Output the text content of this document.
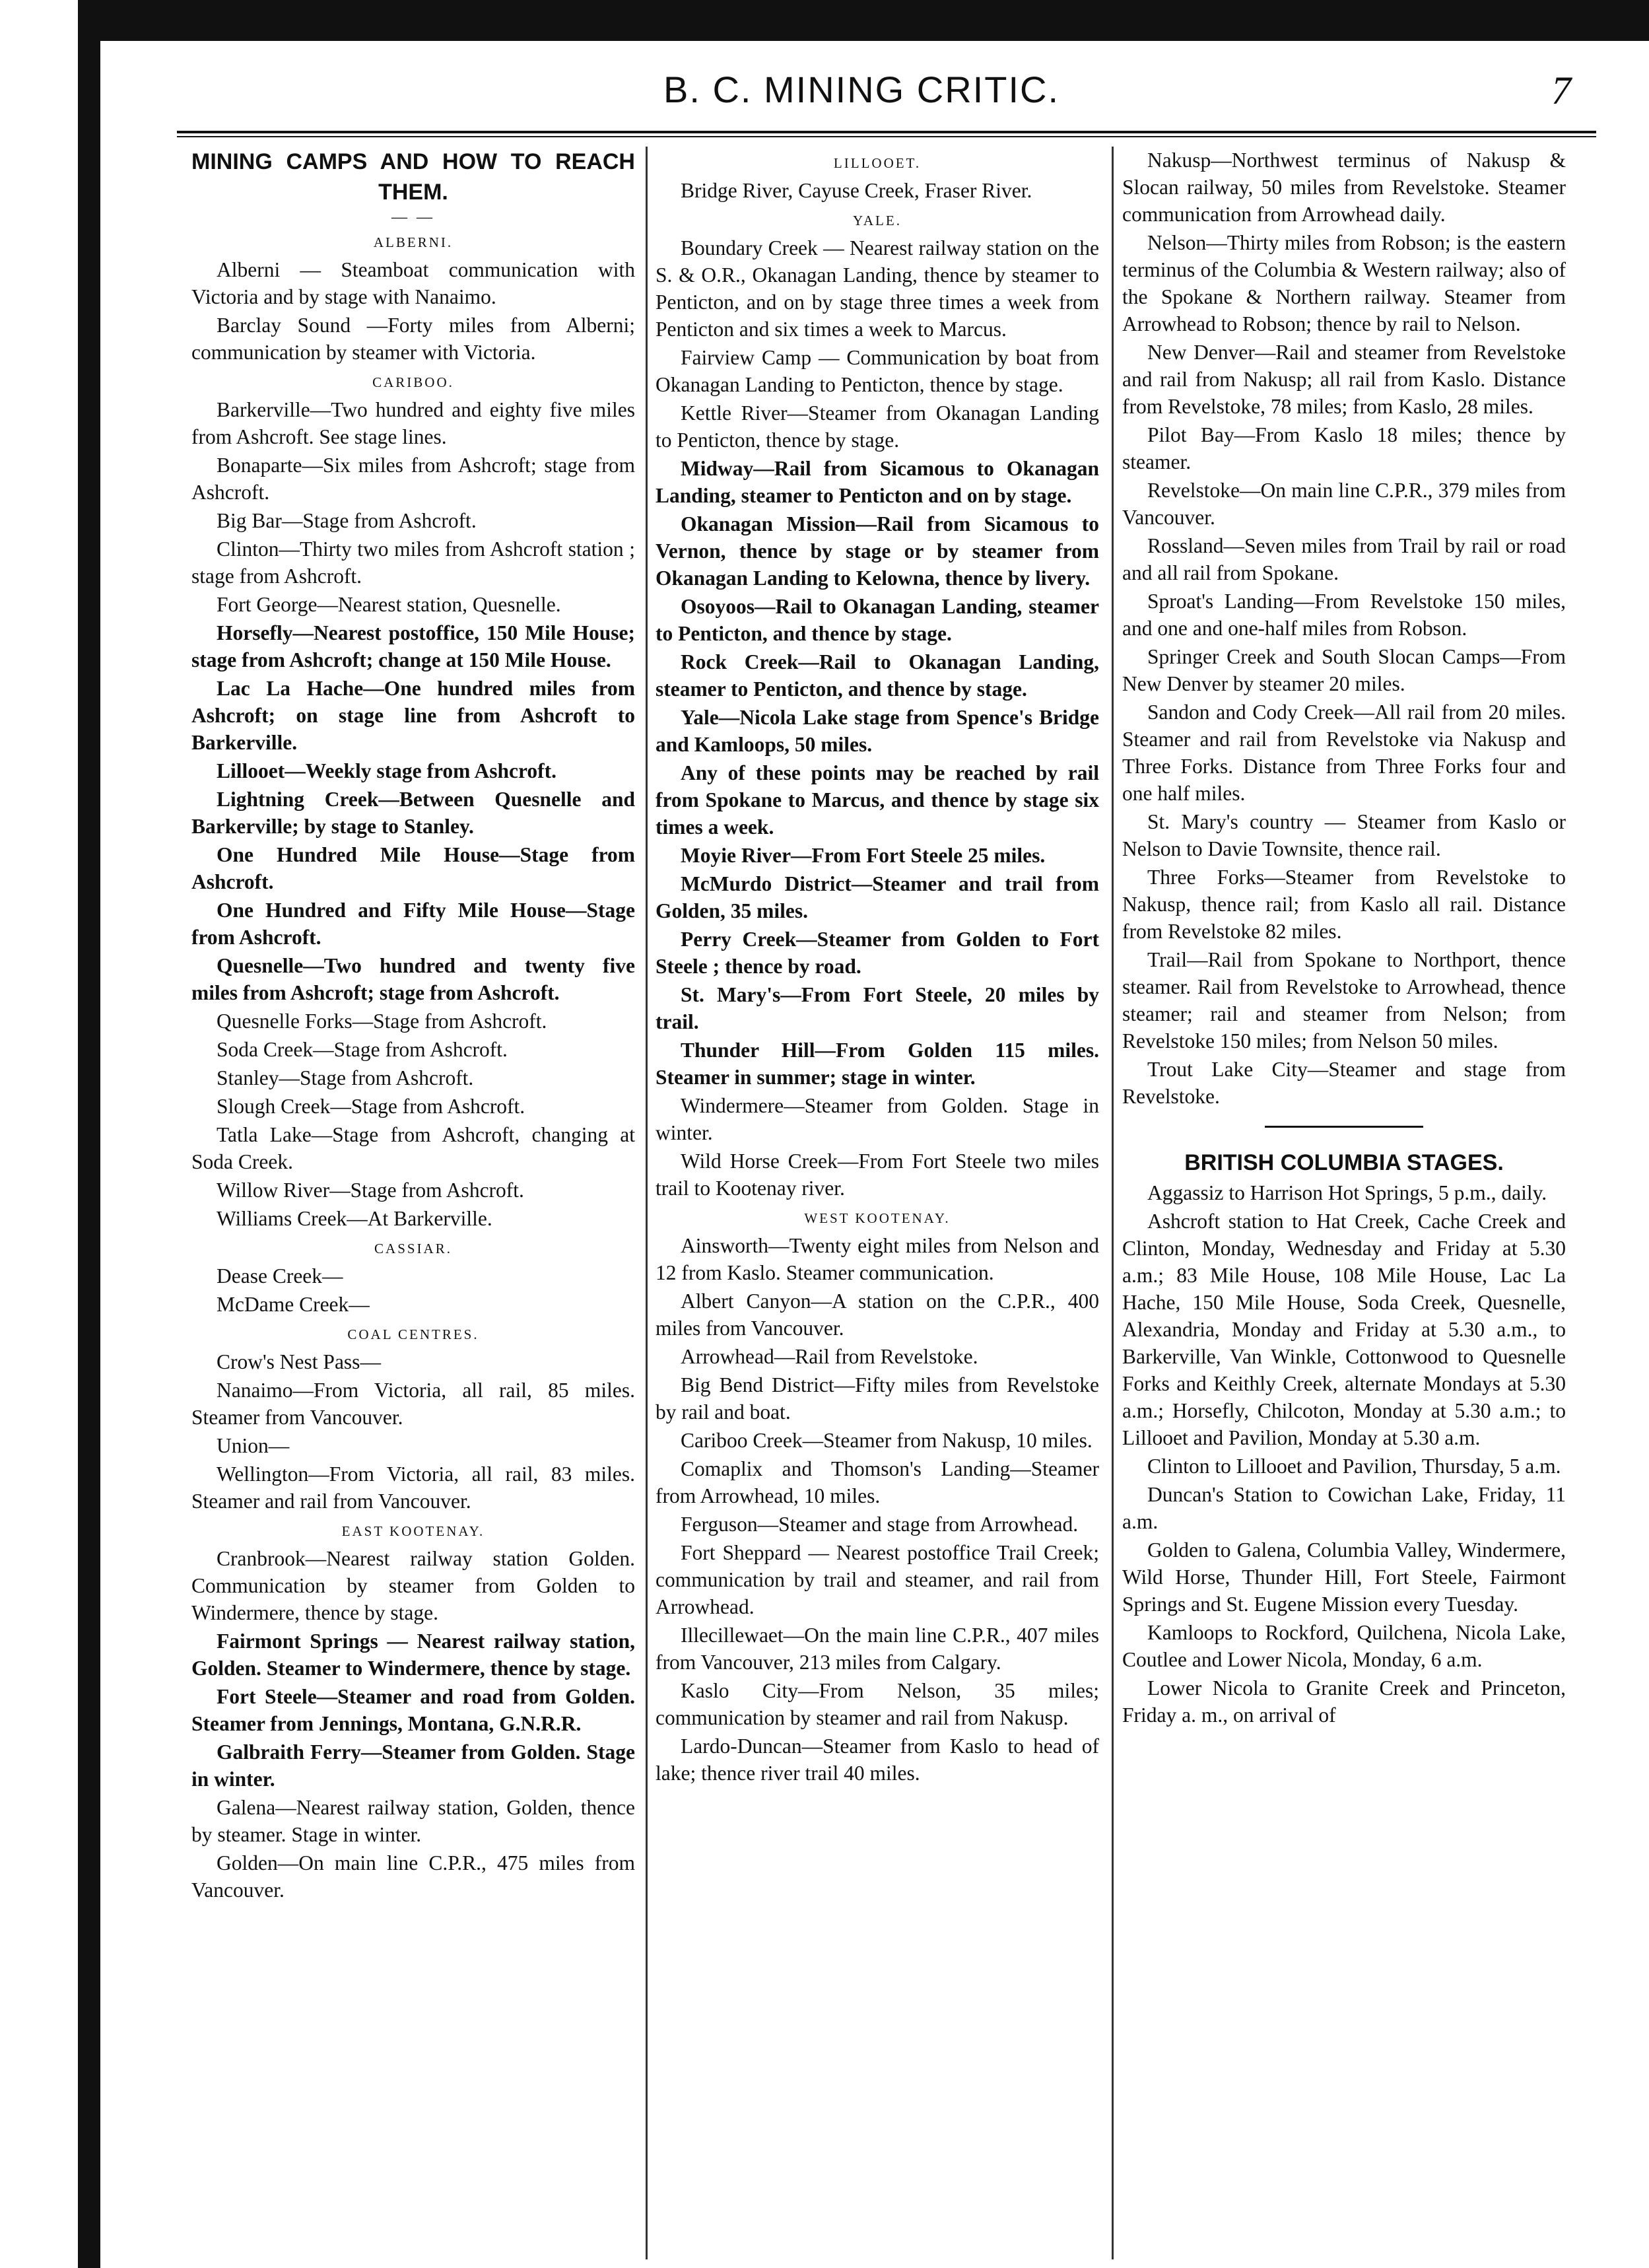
B. C. MINING CRITIC.	7
MINING CAMPS AND HOW TO REACH THEM.
— —
ALBERNI.

Alberni — Steamboat communication with Victoria and by stage with Nanaimo.

Barclay Sound —Forty miles from Alberni; communication by steamer with Victoria.

CARIBOO.

Barkerville—Two hundred and eighty five miles from Ashcroft. See stage lines.

Bonaparte—Six miles from Ashcroft; stage from Ashcroft.

Big Bar—Stage from Ashcroft.

Clinton—Thirty two miles from Ashcroft station ; stage from Ashcroft.

Fort George—Nearest station, Quesnelle.

Horsefly—Nearest postoffice, 150 Mile House; stage from Ashcroft; change at 150 Mile House.

Lac La Hache—One hundred miles from Ashcroft; on stage line from Ashcroft to Barkerville.

Lillooet—Weekly stage from Ashcroft.

Lightning Creek—Between Quesnelle and Barkerville; by stage to Stanley.

One Hundred Mile House—Stage from Ashcroft.

One Hundred and Fifty Mile House—Stage from Ashcroft.

Quesnelle—Two hundred and twenty five miles from Ashcroft; stage from Ashcroft.

Quesnelle Forks—Stage from Ashcroft.

Soda Creek—Stage from Ashcroft.

Stanley—Stage from Ashcroft.

Slough Creek—Stage from Ashcroft.

Tatla Lake—Stage from Ashcroft, changing at Soda Creek.

Willow River—Stage from Ashcroft.

Williams Creek—At Barkerville.

CASSIAR.

Dease Creek—

McDame Creek—

COAL CENTRES.

Crow's Nest Pass—

Nanaimo—From Victoria, all rail, 85 miles. Steamer from Vancouver.

Union—

Wellington—From Victoria, all rail, 83 miles. Steamer and rail from Vancouver.

EAST KOOTENAY.

Cranbrook—Nearest railway station Golden. Communication by steamer from Golden to Windermere, thence by stage.

Fairmont Springs — Nearest railway station, Golden. Steamer to Windermere, thence by stage.

Fort Steele—Steamer and road from Golden. Steamer from Jennings, Montana, G.N.R.R.

Galbraith Ferry—Steamer from Golden. Stage in winter.

Galena—Nearest railway station, Golden, thence by steamer. Stage in winter.

Golden—On main line C.P.R., 475 miles from Vancouver.

LILLOOET.

Bridge River, Cayuse Creek, Fraser River.

YALE.

Boundary Creek — Nearest railway station on the S. & O.R., Okanagan Landing, thence by steamer to Penticton, and on by stage three times a week from Penticton and six times a week to Marcus.

Fairview Camp — Communication by boat from Okanagan Landing to Penticton, thence by stage.

Kettle River—Steamer from Okanagan Landing to Penticton, thence by stage.

Midway—Rail from Sicamous to Okanagan Landing, steamer to Penticton and on by stage.

Okanagan Mission—Rail from Sicamous to Vernon, thence by stage or by steamer from Okanagan Landing to Kelowna, thence by livery.

Osoyoos—Rail to Okanagan Landing, steamer to Penticton, and thence by stage.

Rock Creek—Rail to Okanagan Landing, steamer to Penticton, and thence by stage.

Yale—Nicola Lake stage from Spence's Bridge and Kamloops, 50 miles.

Any of these points may be reached by rail from Spokane to Marcus, and thence by stage six times a week.

Moyie River—From Fort Steele 25 miles.

McMurdo District—Steamer and trail from Golden, 35 miles.

Perry Creek—Steamer from Golden to Fort Steele ; thence by road.

St. Mary's—From Fort Steele, 20 miles by trail.

Thunder Hill—From Golden 115 miles. Steamer in summer; stage in winter.

Windermere—Steamer from Golden. Stage in winter.

Wild Horse Creek—From Fort Steele two miles trail to Kootenay river.

WEST KOOTENAY.

Ainsworth—Twenty eight miles from Nelson and 12 from Kaslo. Steamer communication.

Albert Canyon—A station on the C.P.R., 400 miles from Vancouver.

Arrowhead—Rail from Revelstoke.

Big Bend District—Fifty miles from Revelstoke by rail and boat.

Cariboo Creek—Steamer from Nakusp, 10 miles.

Comaplix and Thomson's Landing—Steamer from Arrowhead, 10 miles.

Ferguson—Steamer and stage from Arrowhead.

Fort Sheppard — Nearest postoffice Trail Creek; communication by trail and steamer, and rail from Arrowhead.

Illecillewaet—On the main line C.P.R., 407 miles from Vancouver, 213 miles from Calgary.

Kaslo City—From Nelson, 35 miles; communication by steamer and rail from Nakusp.

Lardo-Duncan—Steamer from Kaslo to head of lake; thence river trail 40 miles.

Nakusp—Northwest terminus of Nakusp & Slocan railway, 50 miles from Revelstoke. Steamer communication from Arrowhead daily.

Nelson—Thirty miles from Robson; is the eastern terminus of the Columbia & Western railway; also of the Spokane & Northern railway. Steamer from Arrowhead to Robson; thence by rail to Nelson.

New Denver—Rail and steamer from Revelstoke and rail from Nakusp; all rail from Kaslo. Distance from Revelstoke, 78 miles; from Kaslo, 28 miles.

Pilot Bay—From Kaslo 18 miles; thence by steamer.

Revelstoke—On main line C.P.R., 379 miles from Vancouver.

Rossland—Seven miles from Trail by rail or road and all rail from Spokane.

Sproat's Landing—From Revelstoke 150 miles, and one and one-half miles from Robson.

Springer Creek and South Slocan Camps—From New Denver by steamer 20 miles.

Sandon and Cody Creek—All rail from 20 miles. Steamer and rail from Revelstoke via Nakusp and Three Forks. Distance from Three Forks four and one half miles.

St. Mary's country — Steamer from Kaslo or Nelson to Davie Townsite, thence rail.

Three Forks—Steamer from Revelstoke to Nakusp, thence rail; from Kaslo all rail. Distance from Revelstoke 82 miles.

Trail—Rail from Spokane to Northport, thence steamer. Rail from Revelstoke to Arrowhead, thence steamer; rail and steamer from Nelson; from Revelstoke 150 miles; from Nelson 50 miles.

Trout Lake City—Steamer and stage from Revelstoke.

BRITISH COLUMBIA STAGES.

Aggassiz to Harrison Hot Springs, 5 p.m., daily.

Ashcroft station to Hat Creek, Cache Creek and Clinton, Monday, Wednesday and Friday at 5.30 a.m.; 83 Mile House, 108 Mile House, Lac La Hache, 150 Mile House, Soda Creek, Quesnelle, Alexandria, Monday and Friday at 5.30 a.m., to Barkerville, Van Winkle, Cottonwood to Quesnelle Forks and Keithly Creek, alternate Mondays at 5.30 a.m.; Horsefly, Chilcoton, Monday at 5.30 a.m.; to Lillooet and Pavilion, Monday at 5.30 a.m.

Clinton to Lillooet and Pavilion, Thursday, 5 a.m.

Duncan's Station to Cowichan Lake, Friday, 11 a.m.

Golden to Galena, Columbia Valley, Windermere, Wild Horse, Thunder Hill, Fort Steele, Fairmont Springs and St. Eugene Mission every Tuesday.

Kamloops to Rockford, Quilchena, Nicola Lake, Coutlee and Lower Nicola, Monday, 6 a.m.

Lower Nicola to Granite Creek and Princeton, Friday a. m., on arrival of
